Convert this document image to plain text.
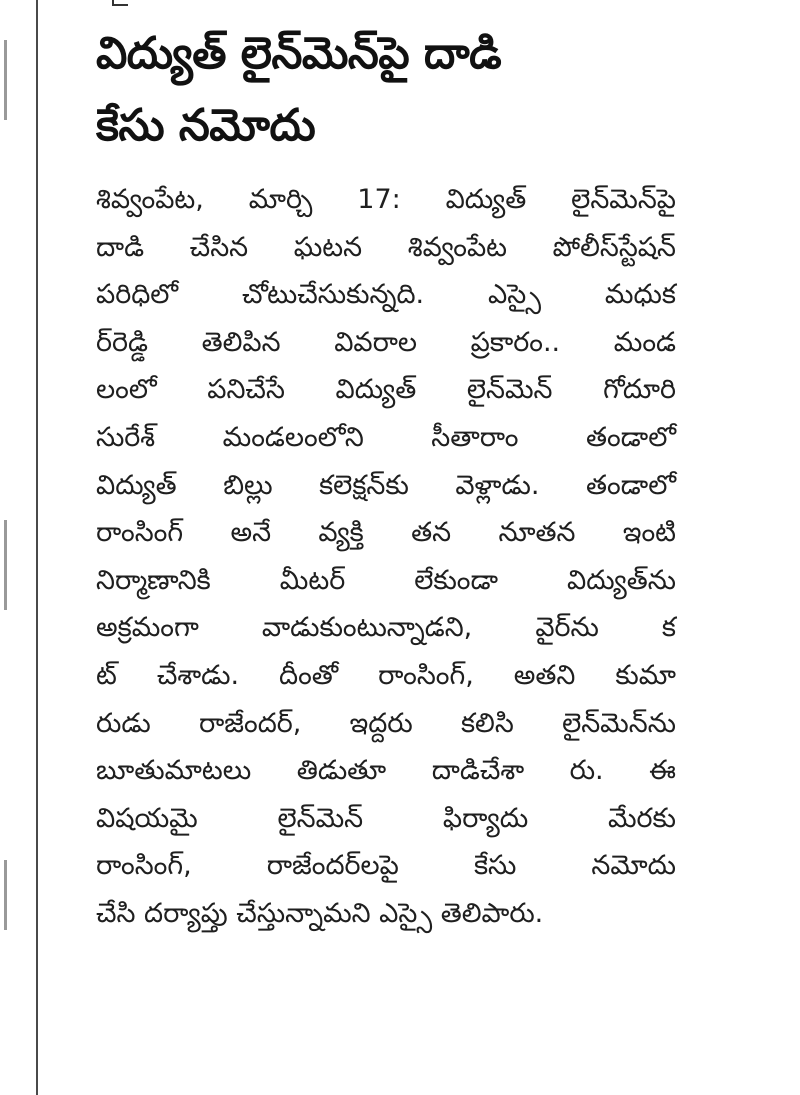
విద్యుత్ లైన్‌మెన్‌పై దాడి
కేసు నమోదు
శివ్వంపేట, మార్చి 17: విద్యుత్ లైన్‌మెన్‌పై
దాడి చేసిన ఘటన శివ్వంపేట పోలీస్‌స్టేషన్
పరిధిలో చోటుచేసుకున్నది. ఎస్సై మధుక
ర్‌రెడ్డి తెలిపిన వివరాల ప్రకారం.. మండ
లంలో పనిచేసే విద్యుత్ లైన్‌మెన్ గోదూరి
సురేశ్ మండలంలోని సీతారాం తండాలో
విద్యుత్ బిల్లు కలెక్షన్‌కు వెళ్లాడు. తండాలో
రాంసింగ్ అనే వ్యక్తి తన నూతన ఇంటి
నిర్మాణానికి మీటర్ లేకుండా విద్యుత్‌ను
అక్రమంగా వాడుకుంటున్నాడని, వైర్‌ను క
ట్ చేశాడు. దీంతో రాంసింగ్, అతని కుమా
రుడు రాజేందర్, ఇద్దరు కలిసి లైన్‌మెన్‌ను
బూతుమాటలు తిడుతూ దాడిచేశా రు. ఈ
విషయమై లైన్‌మెన్ ఫిర్యాదు మేరకు
రాంసింగ్, రాజేందర్‌లపై కేసు నమోదు
చేసి దర్యాప్తు చేస్తున్నామని ఎస్సై తెలిపారు.
